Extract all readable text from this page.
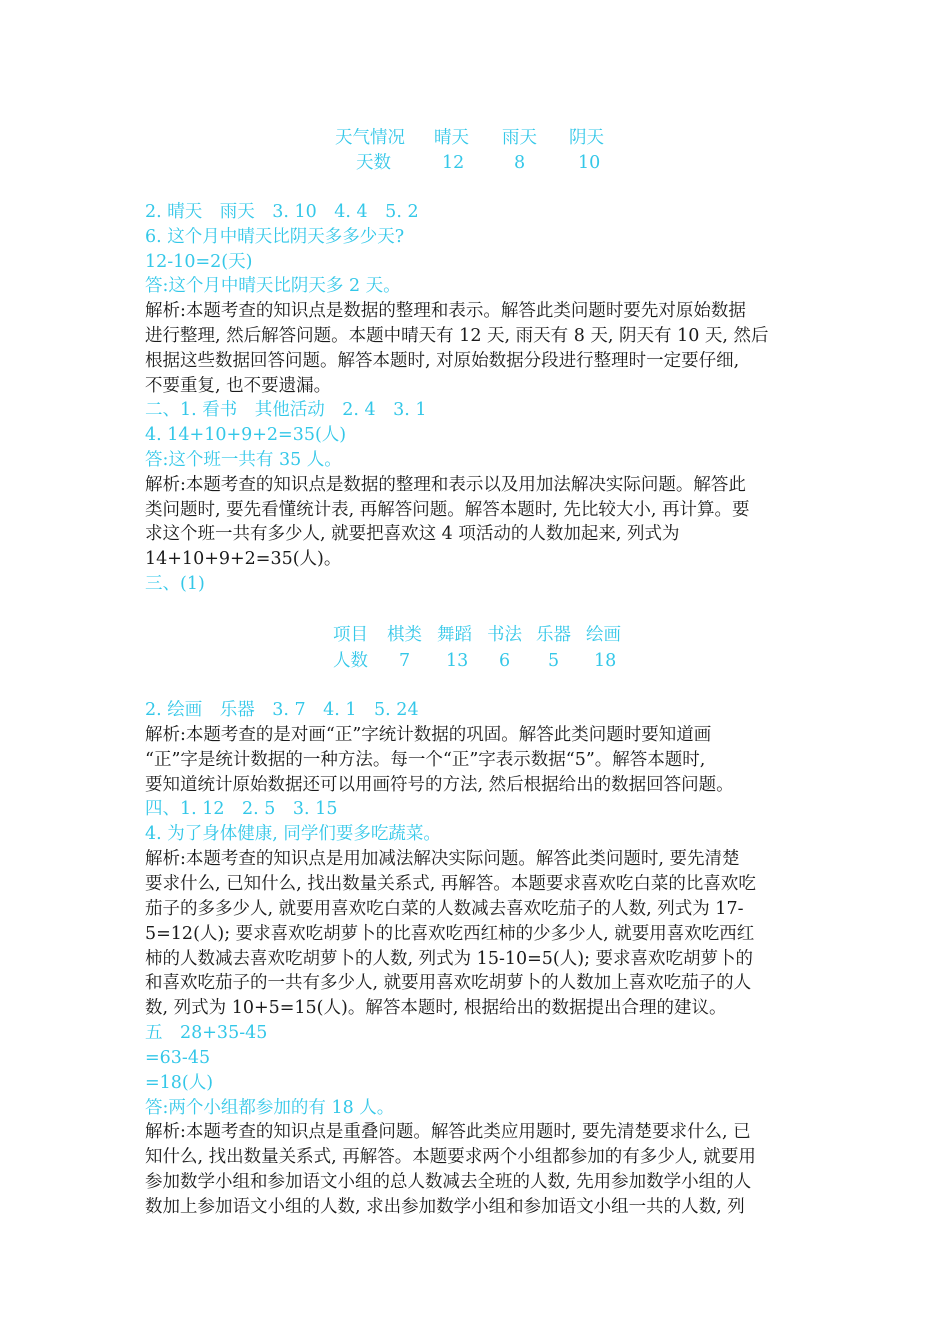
天气情况 晴天 雨天 阴天
天数	12	8	10
2. 晴天　雨天　3. 10　4. 4　5. 2
6. 这个月中晴天比阴天多多少天?
12-10=2(天)
答:这个月中晴天比阴天多 2 天。
解析:本题考查的知识点是数据的整理和表示。解答此类问题时要先对原始数据
进行整理, 然后解答问题。本题中晴天有 12 天, 雨天有 8 天, 阴天有 10 天, 然后
根据这些数据回答问题。解答本题时, 对原始数据分段进行整理时一定要仔细,
不要重复, 也不要遗漏。
二、1. 看书　其他活动　2. 4　3. 1
4. 14+10+9+2=35(人)
答:这个班一共有 35 人。
解析:本题考查的知识点是数据的整理和表示以及用加法解决实际问题。解答此
类问题时, 要先看懂统计表, 再解答问题。解答本题时, 先比较大小, 再计算。要
求这个班一共有多少人, 就要把喜欢这 4 项活动的人数加起来, 列式为
14+10+9+2=35(人)。
三、(1)
项目 棋类 舞蹈 书法 乐器 绘画
人数 7 13 6 5 18
2. 绘画　乐器　3. 7　4. 1　5. 24
解析:本题考查的是对画“正”字统计数据的巩固。解答此类问题时要知道画
“正”字是统计数据的一种方法。每一个“正”字表示数据“5”。解答本题时,
要知道统计原始数据还可以用画符号的方法, 然后根据给出的数据回答问题。
四、1. 12　2. 5　3. 15
4. 为了身体健康, 同学们要多吃蔬菜。
解析:本题考查的知识点是用加减法解决实际问题。解答此类问题时, 要先清楚
要求什么, 已知什么, 找出数量关系式, 再解答。本题要求喜欢吃白菜的比喜欢吃
茄子的多多少人, 就要用喜欢吃白菜的人数减去喜欢吃茄子的人数, 列式为 17-
5=12(人); 要求喜欢吃胡萝卜的比喜欢吃西红柿的少多少人, 就要用喜欢吃西红
柿的人数减去喜欢吃胡萝卜的人数, 列式为 15-10=5(人); 要求喜欢吃胡萝卜的
和喜欢吃茄子的一共有多少人, 就要用喜欢吃胡萝卜的人数加上喜欢吃茄子的人
数, 列式为 10+5=15(人)。解答本题时, 根据给出的数据提出合理的建议。
五　28+35-45
=63-45
=18(人)
答:两个小组都参加的有 18 人。
解析:本题考查的知识点是重叠问题。解答此类应用题时, 要先清楚要求什么, 已
知什么, 找出数量关系式, 再解答。本题要求两个小组都参加的有多少人, 就要用
参加数学小组和参加语文小组的总人数减去全班的人数, 先用参加数学小组的人
数加上参加语文小组的人数, 求出参加数学小组和参加语文小组一共的人数, 列
